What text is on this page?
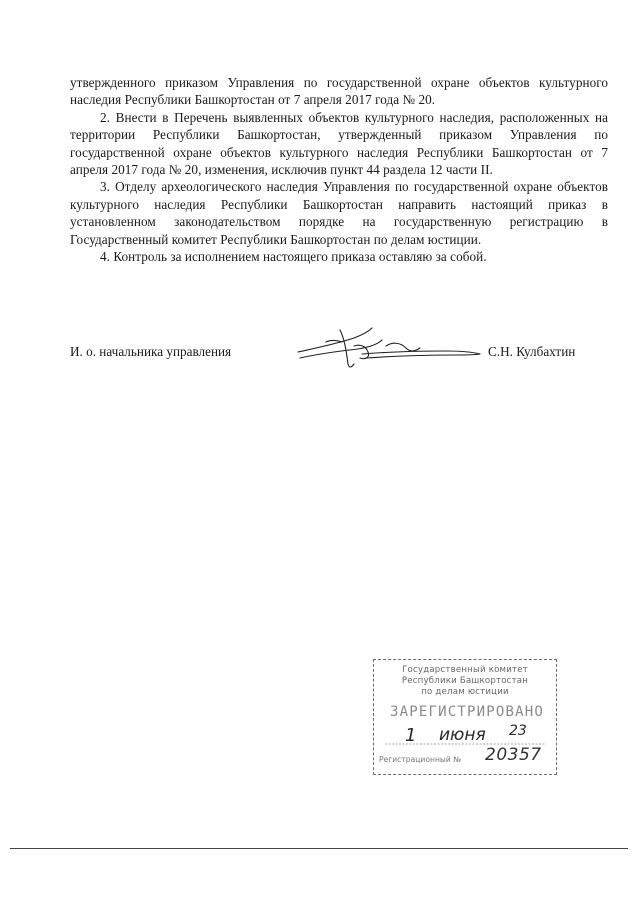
утвержденного приказом Управления по государственной охране объектов культурного наследия Республики Башкортостан от 7 апреля 2017 года № 20.

2. Внести в Перечень выявленных объектов культурного наследия, расположенных на территории Республики Башкортостан, утвержденный приказом Управления по государственной охране объектов культурного наследия Республики Башкортостан от 7 апреля 2017 года № 20, изменения, исключив пункт 44 раздела 12 части II.

3. Отделу археологического наследия Управления по государственной охране объектов культурного наследия Республики Башкортостан направить настоящий приказ в установленном законодательством порядке на государственную регистрацию в Государственный комитет Республики Башкортостан по делам юстиции.

4. Контроль за исполнением настоящего приказа оставляю за собой.

И. о. начальника управления	С.Н. Кулбахтин
Государственный комитет
Республики Башкортостан
по делам юстиции
ЗАРЕГИСТРИРОВАНО
1 июня 23
Регистрационный № 20357
